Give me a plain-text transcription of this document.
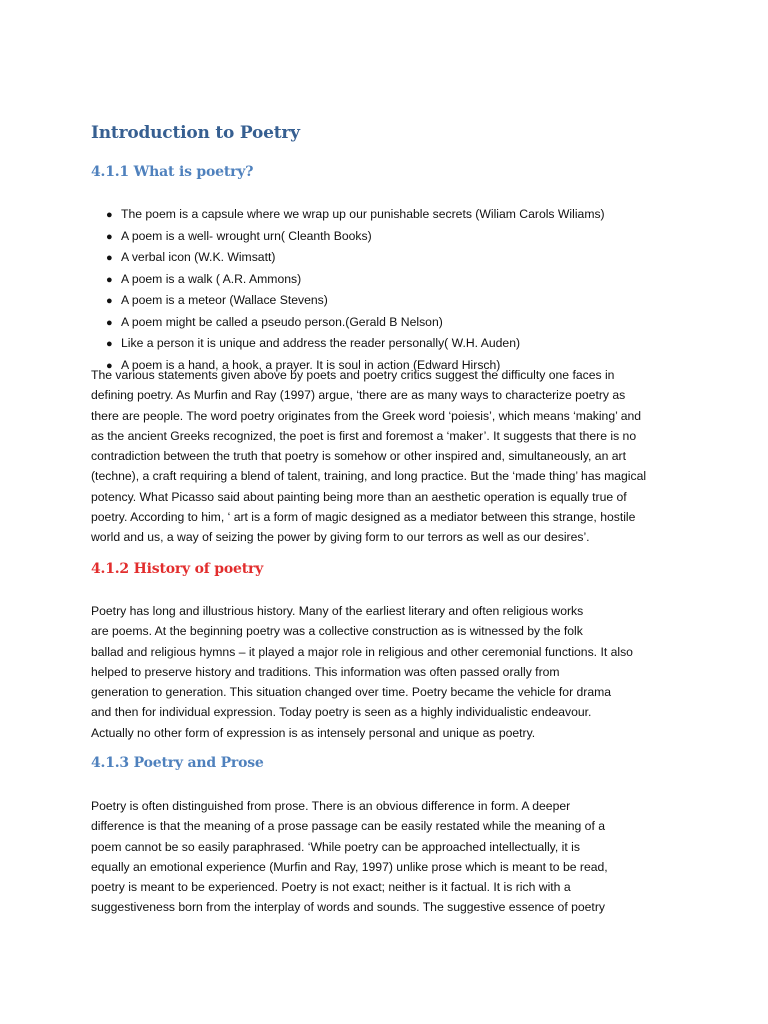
Introduction to Poetry
4.1.1 What is poetry?
● The poem is a capsule where we wrap up our punishable secrets (Wiliam Carols Wiliams)
● A poem is a well- wrought urn( Cleanth Books)
● A verbal icon (W.K. Wimsatt)
● A poem is a walk ( A.R. Ammons)
● A poem is a meteor (Wallace Stevens)
● A poem might be called a pseudo person.(Gerald B Nelson)
● Like a person it is unique and address the reader personally( W.H. Auden)
● A poem is a hand, a hook, a prayer. It is soul in action (Edward Hirsch)

The various statements given above by poets and poetry critics suggest the difficulty one faces in
defining poetry. As Murfin and Ray (1997) argue, ‘there are as many ways to characterize poetry as
there are people. The word poetry originates from the Greek word ‘poiesis’, which means ‘making’ and
as the ancient Greeks recognized, the poet is first and foremost a ‘maker’. It suggests that there is no
contradiction between the truth that poetry is somehow or other inspired and, simultaneously, an art
(techne), a craft requiring a blend of talent, training, and long practice. But the ‘made thing’ has magical
potency. What Picasso said about painting being more than an aesthetic operation is equally true of
poetry. According to him, ‘ art is a form of magic designed as a mediator between this strange, hostile
world and us, a way of seizing the power by giving form to our terrors as well as our desires’.

4.1.2 History of poetry

Poetry has long and illustrious history. Many of the earliest literary and often religious works
are poems. At the beginning poetry was a collective construction as is witnessed by the folk
ballad and religious hymns – it played a major role in religious and other ceremonial functions. It also
helped to preserve history and traditions. This information was often passed orally from
generation to generation. This situation changed over time. Poetry became the vehicle for drama
and then for individual expression. Today poetry is seen as a highly individualistic endeavour.
Actually no other form of expression is as intensely personal and unique as poetry.

4.1.3 Poetry and Prose

Poetry is often distinguished from prose. There is an obvious difference in form. A deeper
difference is that the meaning of a prose passage can be easily restated while the meaning of a
poem cannot be so easily paraphrased. ‘While poetry can be approached intellectually, it is
equally an emotional experience (Murfin and Ray, 1997) unlike prose which is meant to be read,
poetry is meant to be experienced. Poetry is not exact; neither is it factual. It is rich with a
suggestiveness born from the interplay of words and sounds. The suggestive essence of poetry
